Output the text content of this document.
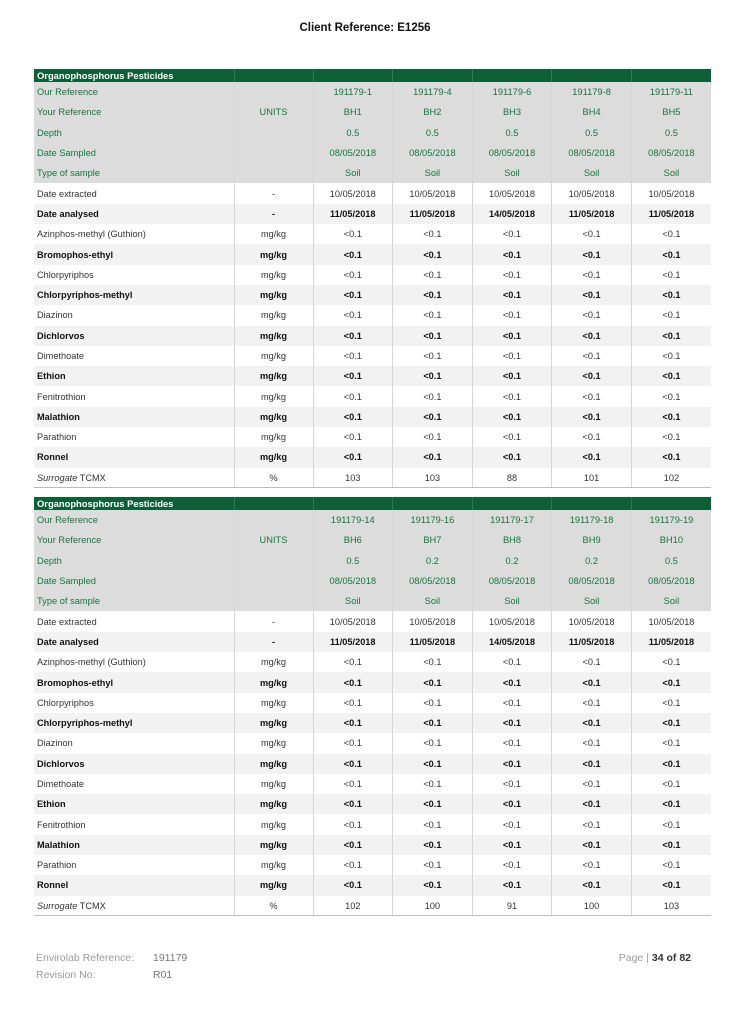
Client Reference: E1256
Organophosphorus Pesticides						
Our Reference		191179-1	191179-4	191179-6	191179-8	191179-11
Your Reference	UNITS	BH1	BH2	BH3	BH4	BH5
Depth		0.5	0.5	0.5	0.5	0.5
Date Sampled		08/05/2018	08/05/2018	08/05/2018	08/05/2018	08/05/2018
Type of sample		Soil	Soil	Soil	Soil	Soil
Date extracted	-	10/05/2018	10/05/2018	10/05/2018	10/05/2018	10/05/2018
Date analysed	-	11/05/2018	11/05/2018	14/05/2018	11/05/2018	11/05/2018
Azinphos-methyl (Guthion)	mg/kg	<0.1	<0.1	<0.1	<0.1	<0.1
Bromophos-ethyl	mg/kg	<0.1	<0.1	<0.1	<0.1	<0.1
Chlorpyriphos	mg/kg	<0.1	<0.1	<0.1	<0.1	<0.1
Chlorpyriphos-methyl	mg/kg	<0.1	<0.1	<0.1	<0.1	<0.1
Diazinon	mg/kg	<0.1	<0.1	<0.1	<0.1	<0.1
Dichlorvos	mg/kg	<0.1	<0.1	<0.1	<0.1	<0.1
Dimethoate	mg/kg	<0.1	<0.1	<0.1	<0.1	<0.1
Ethion	mg/kg	<0.1	<0.1	<0.1	<0.1	<0.1
Fenitrothion	mg/kg	<0.1	<0.1	<0.1	<0.1	<0.1
Malathion	mg/kg	<0.1	<0.1	<0.1	<0.1	<0.1
Parathion	mg/kg	<0.1	<0.1	<0.1	<0.1	<0.1
Ronnel	mg/kg	<0.1	<0.1	<0.1	<0.1	<0.1
Surrogate TCMX	%	103	103	88	101	102
Organophosphorus Pesticides						
Our Reference		191179-14	191179-16	191179-17	191179-18	191179-19
Your Reference	UNITS	BH6	BH7	BH8	BH9	BH10
Depth		0.5	0.2	0.2	0.2	0.5
Date Sampled		08/05/2018	08/05/2018	08/05/2018	08/05/2018	08/05/2018
Type of sample		Soil	Soil	Soil	Soil	Soil
Date extracted	-	10/05/2018	10/05/2018	10/05/2018	10/05/2018	10/05/2018
Date analysed	-	11/05/2018	11/05/2018	14/05/2018	11/05/2018	11/05/2018
Azinphos-methyl (Guthion)	mg/kg	<0.1	<0.1	<0.1	<0.1	<0.1
Bromophos-ethyl	mg/kg	<0.1	<0.1	<0.1	<0.1	<0.1
Chlorpyriphos	mg/kg	<0.1	<0.1	<0.1	<0.1	<0.1
Chlorpyriphos-methyl	mg/kg	<0.1	<0.1	<0.1	<0.1	<0.1
Diazinon	mg/kg	<0.1	<0.1	<0.1	<0.1	<0.1
Dichlorvos	mg/kg	<0.1	<0.1	<0.1	<0.1	<0.1
Dimethoate	mg/kg	<0.1	<0.1	<0.1	<0.1	<0.1
Ethion	mg/kg	<0.1	<0.1	<0.1	<0.1	<0.1
Fenitrothion	mg/kg	<0.1	<0.1	<0.1	<0.1	<0.1
Malathion	mg/kg	<0.1	<0.1	<0.1	<0.1	<0.1
Parathion	mg/kg	<0.1	<0.1	<0.1	<0.1	<0.1
Ronnel	mg/kg	<0.1	<0.1	<0.1	<0.1	<0.1
Surrogate TCMX	%	102	100	91	100	103
Envirolab Reference: 191179	Page | 34 of 82
Revision No:	R01
